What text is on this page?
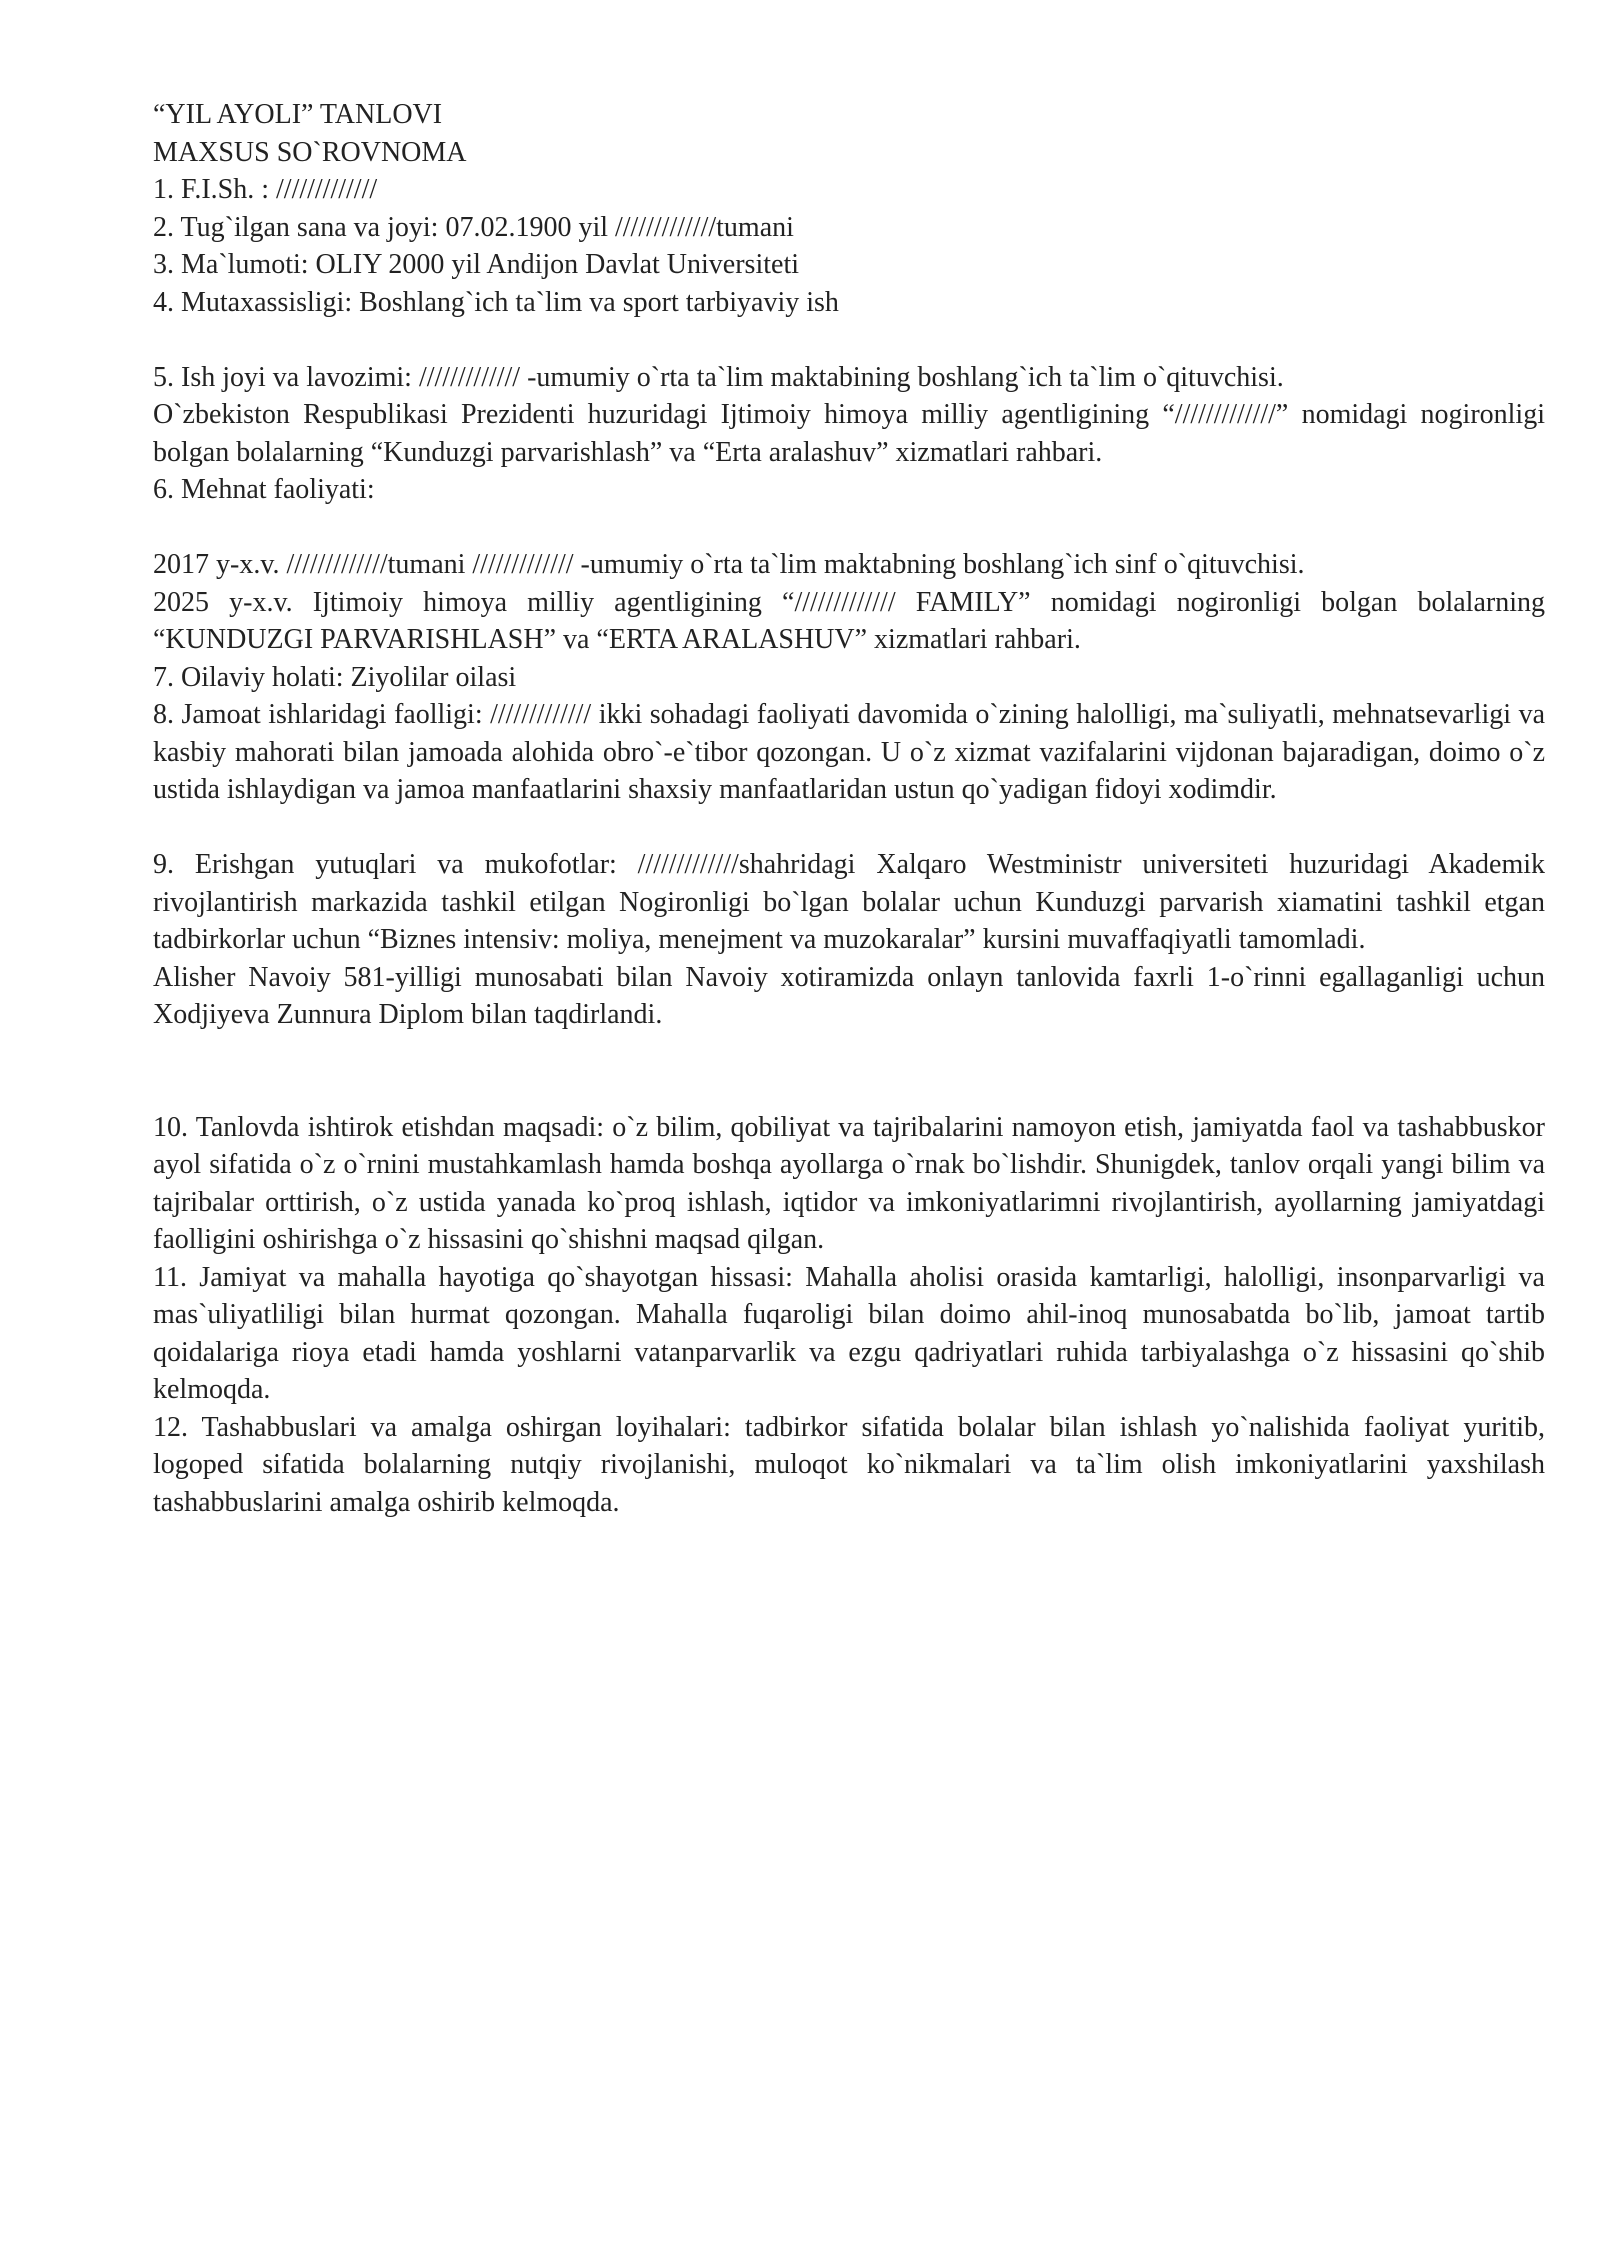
“YIL AYOLI” TANLOVI

MAXSUS SO`ROVNOMA

1. F.I.Sh. : /////////////

2. Tug`ilgan sana va joyi: 07.02.1900 yil /////////////tumani

3. Ma`lumoti: OLIY 2000 yil Andijon Davlat Universiteti

4. Mutaxassisligi: Boshlang`ich ta`lim va sport tarbiyaviy ish

5. Ish joyi va lavozimi: ///////////// -umumiy o`rta ta`lim maktabining boshlang`ich ta`lim o`qituvchisi.

O`zbekiston Respublikasi Prezidenti huzuridagi Ijtimoiy himoya milliy agentligining “/////////////” nomidagi nogironligi bolgan bolalarning “Kunduzgi parvarishlash” va “Erta aralashuv” xizmatlari rahbari.

6. Mehnat faoliyati:

2017 y-x.v. /////////////tumani ///////////// -umumiy o`rta ta`lim maktabning boshlang`ich sinf o`qituvchisi.

2025 y-x.v. Ijtimoiy himoya milliy agentligining “///////////// FAMILY” nomidagi nogironligi bolgan bolalarning “KUNDUZGI PARVARISHLASH” va “ERTA ARALASHUV” xizmatlari rahbari.

7. Oilaviy holati: Ziyolilar oilasi

8. Jamoat ishlaridagi faolligi: ///////////// ikki sohadagi faoliyati davomida o`zining halolligi, ma`suliyatli, mehnatsevarligi va kasbiy mahorati bilan jamoada alohida obro`-e`tibor qozongan. U o`z xizmat vazifalarini vijdonan bajaradigan, doimo o`z ustida ishlaydigan va jamoa manfaatlarini shaxsiy manfaatlaridan ustun qo`yadigan fidoyi xodimdir.

9. Erishgan yutuqlari va mukofotlar: /////////////shahridagi Xalqaro Westministr universiteti huzuridagi Akademik rivojlantirish markazida tashkil etilgan Nogironligi bo`lgan bolalar uchun Kunduzgi parvarish xiamatini tashkil etgan tadbirkorlar uchun “Biznes intensiv: moliya, menejment va muzokaralar” kursini muvaffaqiyatli tamomladi.

Alisher Navoiy 581-yilligi munosabati bilan Navoiy xotiramizda onlayn tanlovida faxrli 1-o`rinni egallaganligi uchun Xodjiyeva Zunnura Diplom bilan taqdirlandi.

10. Tanlovda ishtirok etishdan maqsadi: o`z bilim, qobiliyat va tajribalarini namoyon etish, jamiyatda faol va tashabbuskor ayol sifatida o`z o`rnini mustahkamlash hamda boshqa ayollarga o`rnak bo`lishdir. Shunigdek, tanlov orqali yangi bilim va tajribalar orttirish, o`z ustida yanada ko`proq ishlash, iqtidor va imkoniyatlarimni rivojlantirish, ayollarning jamiyatdagi faolligini oshirishga o`z hissasini qo`shishni maqsad qilgan.

11. Jamiyat va mahalla hayotiga qo`shayotgan hissasi: Mahalla aholisi orasida kamtarligi, halolligi, insonparvarligi va mas`uliyatliligi bilan hurmat qozongan. Mahalla fuqaroligi bilan doimo ahil-inoq munosabatda bo`lib, jamoat tartib qoidalariga rioya etadi hamda yoshlarni vatanparvarlik va ezgu qadriyatlari ruhida tarbiyalashga o`z hissasini qo`shib kelmoqda.

12. Tashabbuslari va amalga oshirgan loyihalari: tadbirkor sifatida bolalar bilan ishlash yo`nalishida faoliyat yuritib, logoped sifatida bolalarning nutqiy rivojlanishi, muloqot ko`nikmalari va ta`lim olish imkoniyatlarini yaxshilash tashabbuslarini amalga oshirib kelmoqda.
